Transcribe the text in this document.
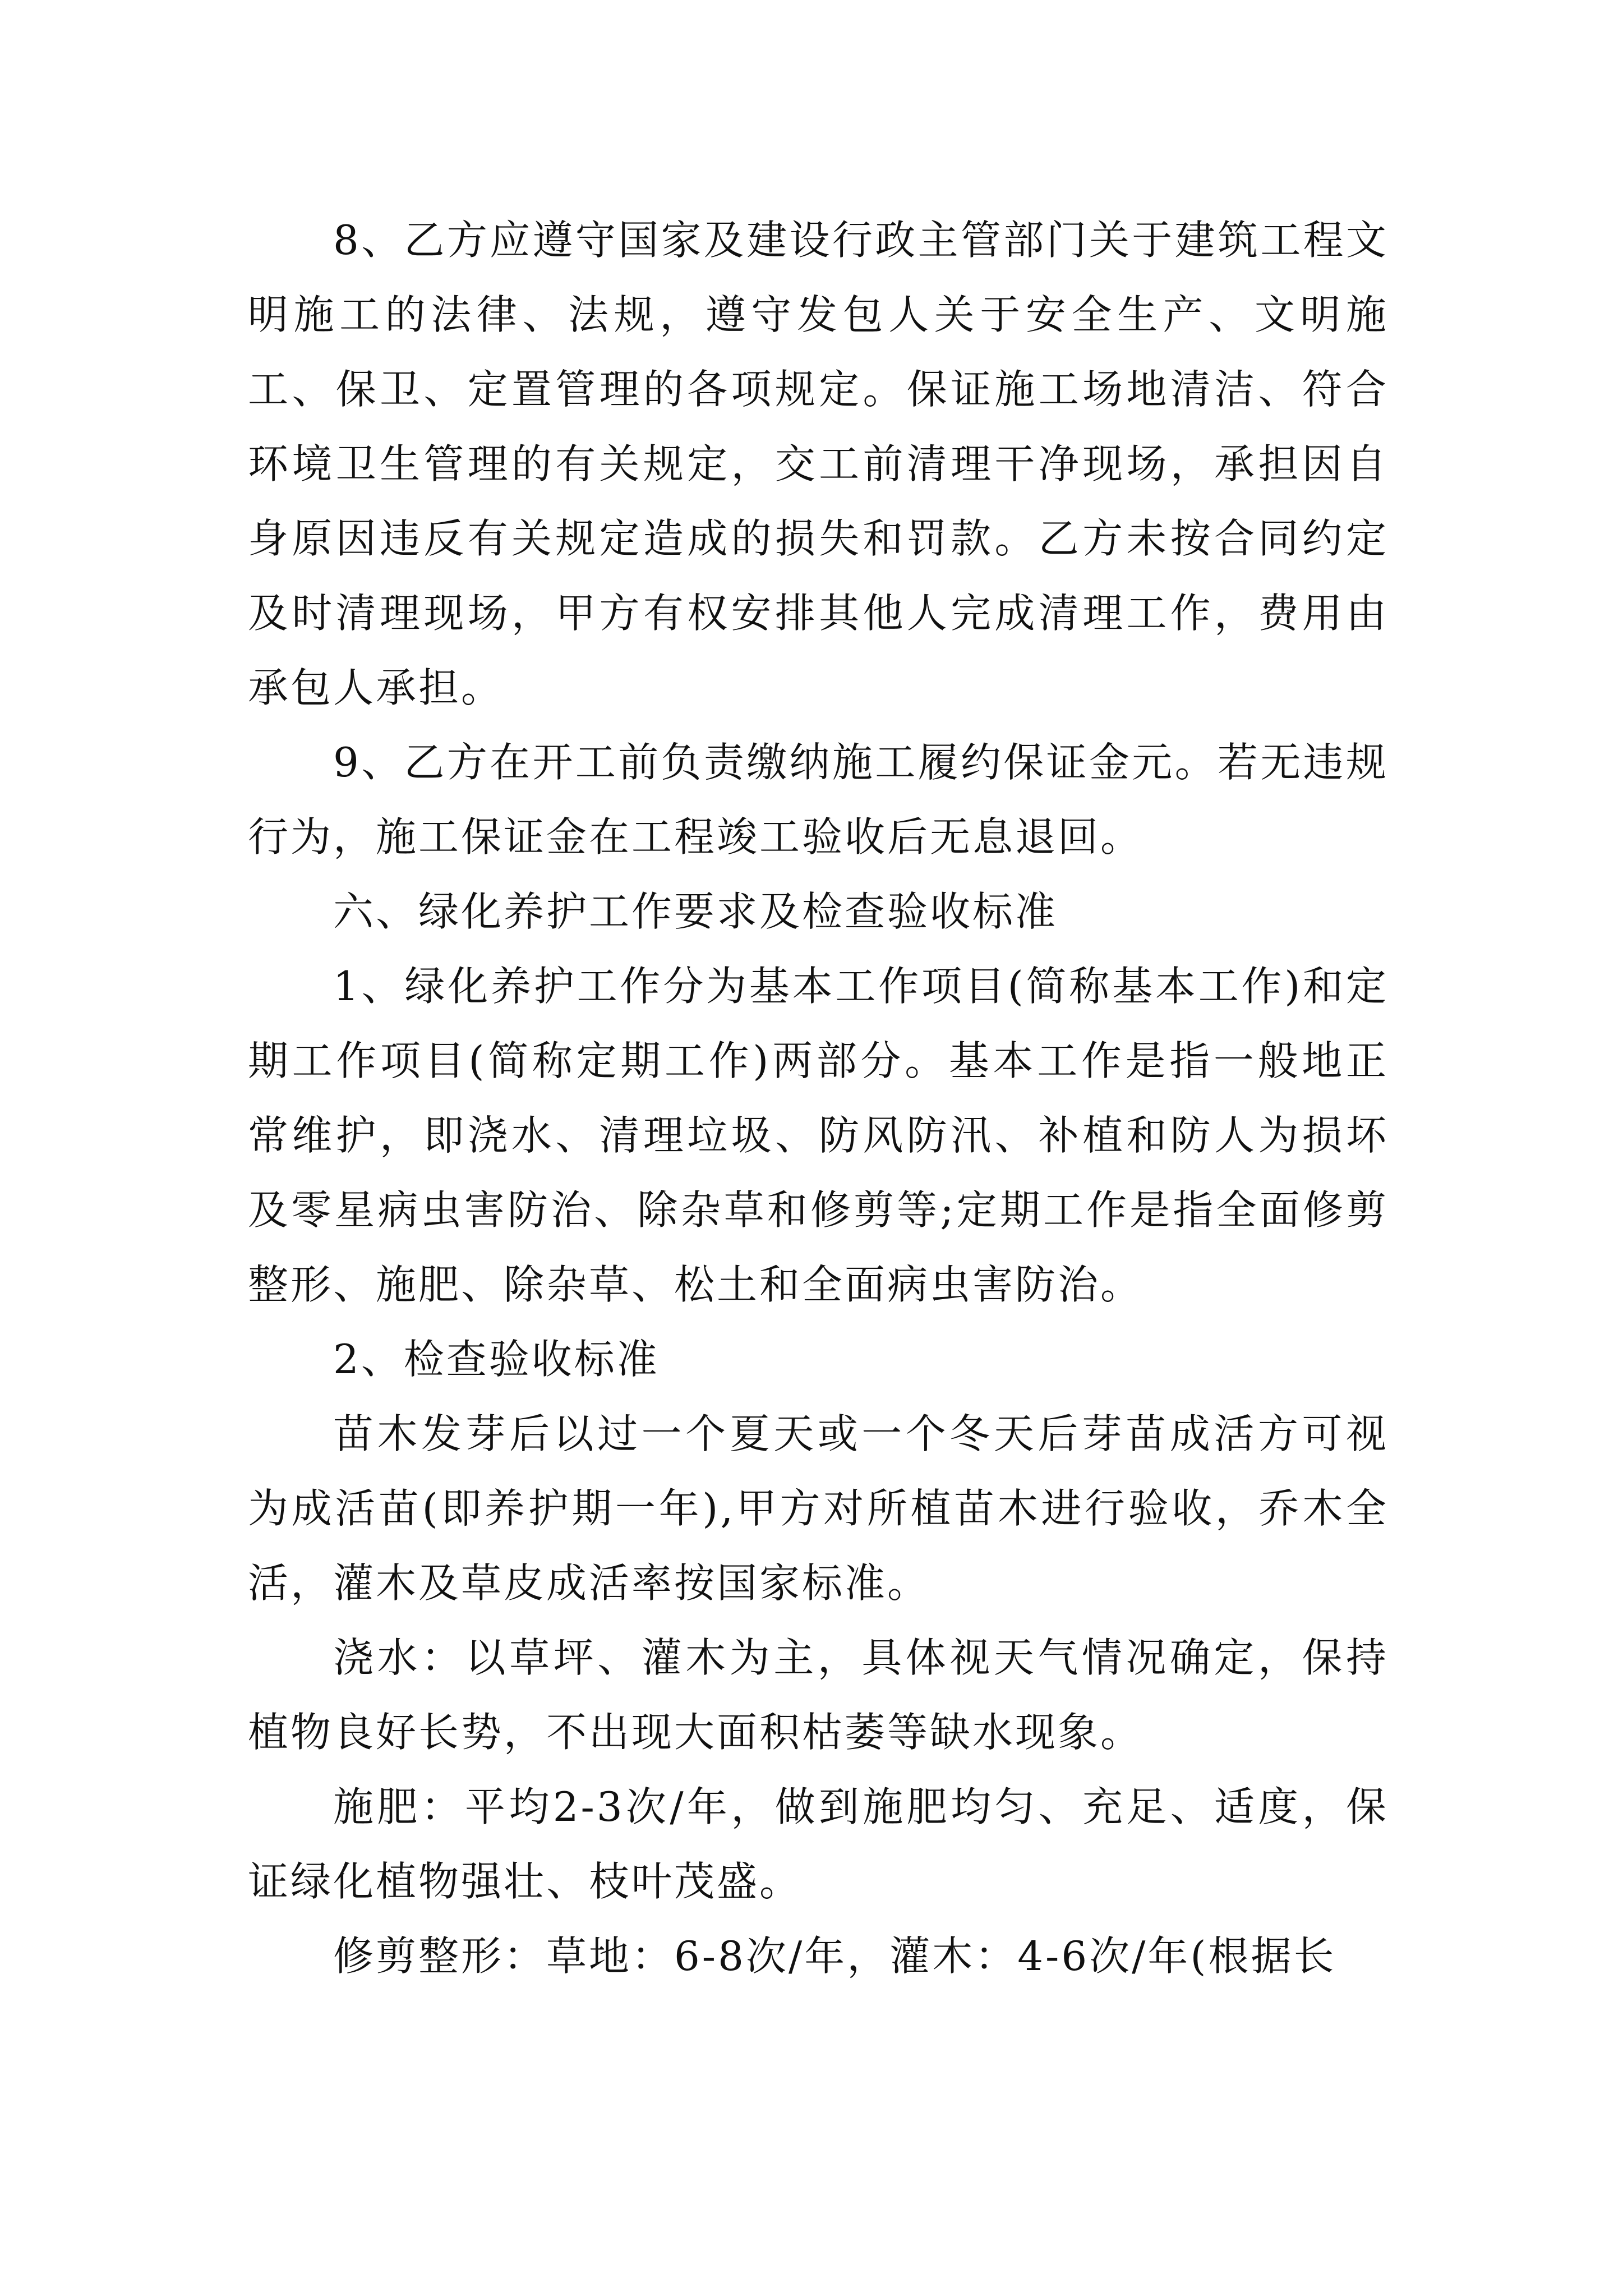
8、乙方应遵守国家及建设行政主管部门关于建筑工程文明施工的法律、法规，遵守发包人关于安全生产、文明施工、保卫、定置管理的各项规定。保证施工场地清洁、符合环境卫生管理的有关规定，交工前清理干净现场，承担因自身原因违反有关规定造成的损失和罚款。乙方未按合同约定及时清理现场，甲方有权安排其他人完成清理工作，费用由承包人承担。

9、乙方在开工前负责缴纳施工履约保证金元。若无违规行为，施工保证金在工程竣工验收后无息退回。

六、绿化养护工作要求及检查验收标准

1、绿化养护工作分为基本工作项目(简称基本工作)和定期工作项目(简称定期工作)两部分。基本工作是指一般地正常维护，即浇水、清理垃圾、防风防汛、补植和防人为损坏及零星病虫害防治、除杂草和修剪等;定期工作是指全面修剪整形、施肥、除杂草、松土和全面病虫害防治。

2、检查验收标准

苗木发芽后以过一个夏天或一个冬天后芽苗成活方可视为成活苗(即养护期一年),甲方对所植苗木进行验收，乔木全活，灌木及草皮成活率按国家标准。

浇水：以草坪、灌木为主，具体视天气情况确定，保持植物良好长势，不出现大面积枯萎等缺水现象。

施肥：平均2-3次/年，做到施肥均匀、充足、适度，保证绿化植物强壮、枝叶茂盛。

修剪整形：草地：6-8次/年，灌木：4-6次/年(根据长
